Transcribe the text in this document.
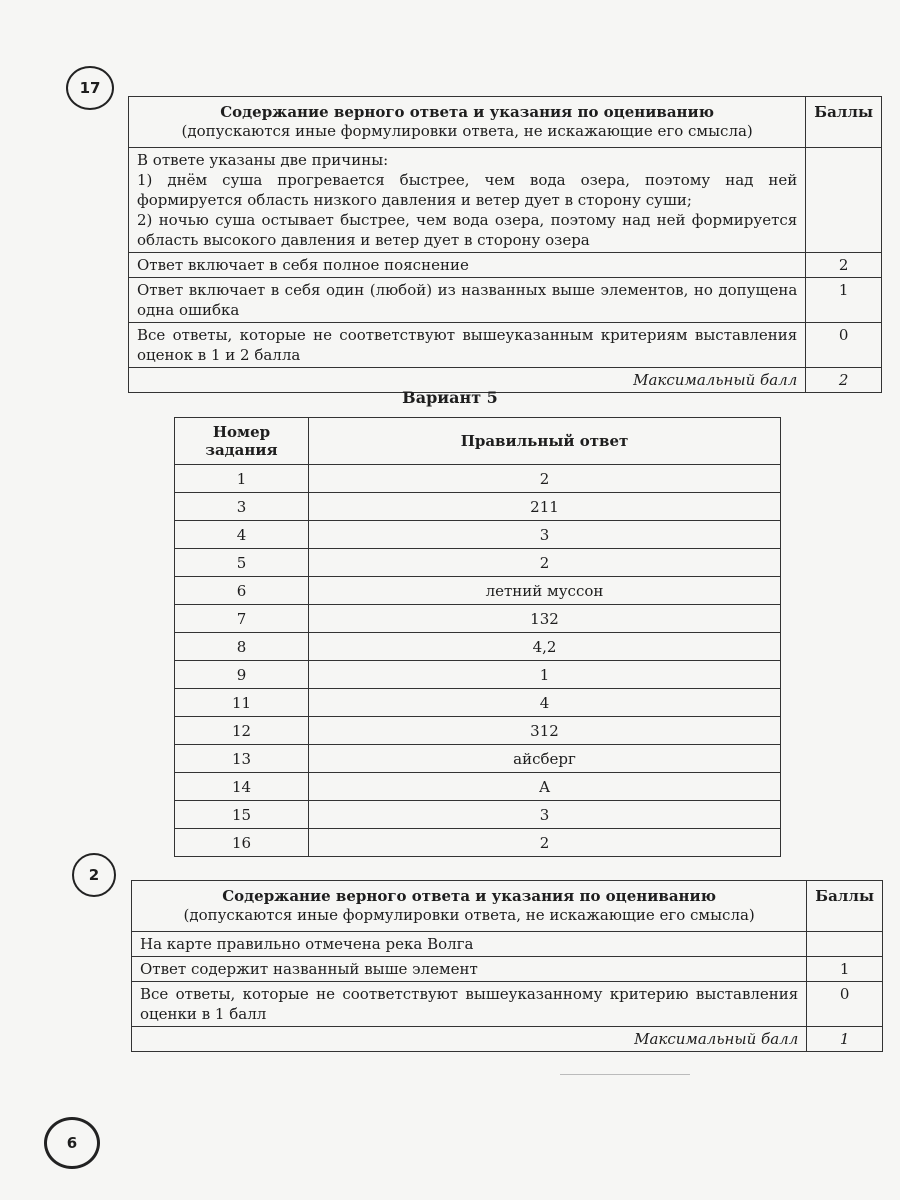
17
Содержание верного ответа и указания по оцениванию
(допускаются иные формулировки ответа, не искажающие его смысла)	Баллы

В ответе указаны две причины:
1) днём суша прогревается быстрее, чем вода озера, поэтому над ней формируется область низкого давления и ветер дует в сторону суши;
2) ночью суша остывает быстрее, чем вода озера, поэтому над ней формируется область высокого давления и ветер дует в сторону озера	

Ответ включает в себя полное пояснение	2
Ответ включает в себя один (любой) из названных выше элементов, но допущена одна ошибка	1
Все ответы, которые не соответствуют вышеуказанным критериям выставления оценок в 1 и 2 балла	0
Максимальный балл	2
Вариант 5
Номер
задания	Правильный ответ
1	2
3	211
4	3
5	2
6	летний муссон
7	132
8	4,2
9	1
11	4
12	312
13	айсберг
14	А
15	3
16	2
2
Содержание верного ответа и указания по оцениванию
(допускаются иные формулировки ответа, не искажающие его смысла)	Баллы
На карте правильно отмечена река Волга	
Ответ содержит названный выше элемент	1
Все ответы, которые не соответствуют вышеуказанному критерию выставления оценки в 1 балл	0
Максимальный балл	1
6
